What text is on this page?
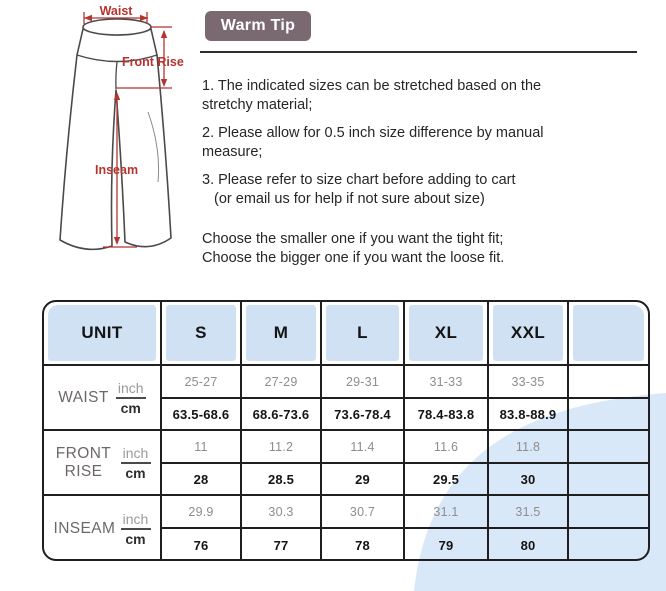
Waist
Front Rise
Inseam
Warm Tip

1. The indicated sizes can be stretched based on the
stretchy material;

2. Please allow for 0.5 inch size difference by manual
measure;

3. Please refer to size chart before adding to cart
(or email us for help if not sure about size)

Choose the smaller one if you want the tight fit;
Choose the bigger one if you want the loose fit.

UNIT	S	M	L	XL	XXL	

WAIST $\frac{\text{inch}}{cm}$	25-27	27-29	29-31	31-33	33-35	
	63.5-68.6	68.6-73.6	73.6-78.4	78.4-83.8	83.8-88.9	

FRONT RISE $\frac{\text{inch}}{cm}$	11	11.2	11.4	11.6	11.8	
	28	28.5	29	29.5	30	

INSEAM $\frac{\text{inch}}{cm}$	29.9	30.3	30.7	31.1	31.5	
	76	77	78	79	80	
